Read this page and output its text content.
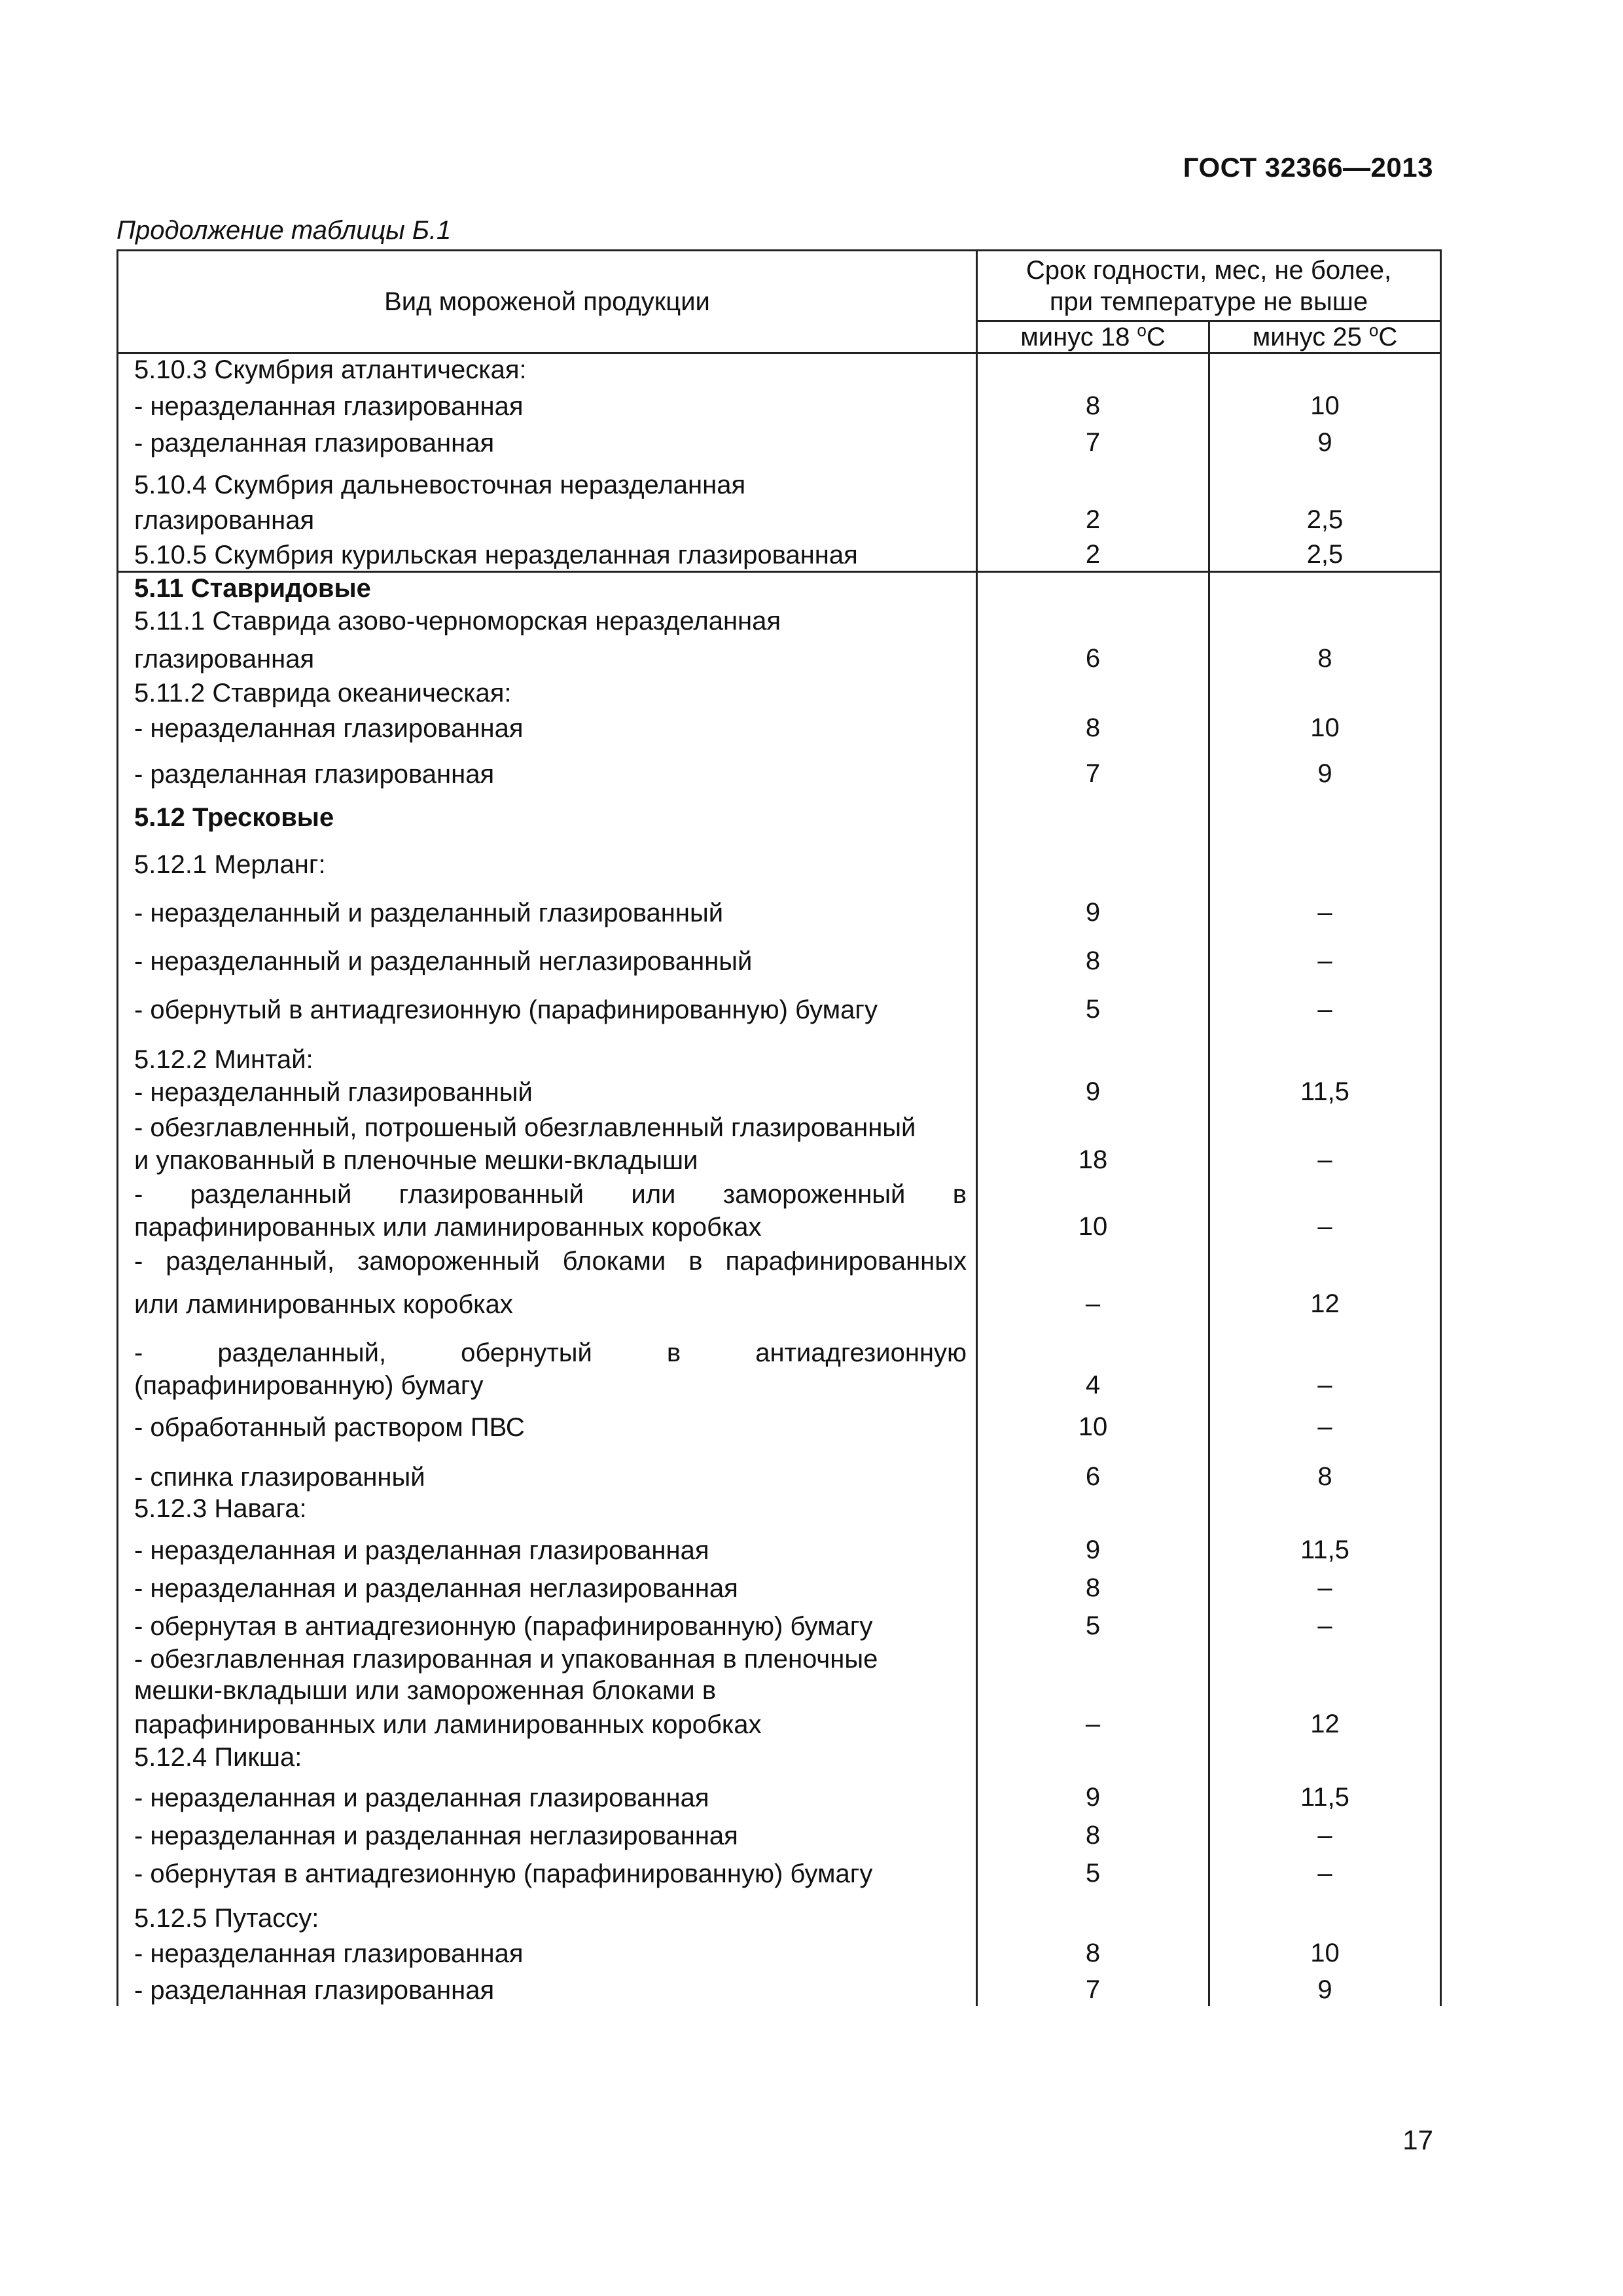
ГОСТ 32366—2013
Продолжение таблицы Б.1
Вид мороженой продукции	Срок годности, мес, не более,
при температуре не выше	
	минус 18 $^о$С	минус 25 $^о$С
5.10.3 Скумбрия атлантическая:		
- неразделанная глазированная	8	10
- разделанная глазированная	7	9
5.10.4 Скумбрия дальневосточная неразделанная		
глазированная	2	2,5
5.10.5 Скумбрия курильская неразделанная глазированная	2	2,5
5.11 Ставридовые		
5.11.1 Ставрида азово-черноморская неразделанная		
глазированная	6	8
5.11.2 Ставрида океаническая:		
- неразделанная глазированная	8	10
- разделанная глазированная	7	9
5.12 Тресковые		
5.12.1 Мерланг:		
- неразделанный и разделанный глазированный	9	–
- неразделанный и разделанный неглазированный	8	–
- обернутый в антиадгезионную (парафинированную) бумагу	5	–
5.12.2 Минтай:		
- неразделанный глазированный	9	11,5
- обезглавленный, потрошеный обезглавленный глазированный		
и упакованный в пленочные мешки-вкладыши	18	–
- разделанный глазированный или замороженный в		
парафинированных или ламинированных коробках	10	–
- разделанный, замороженный блоками в парафинированных		
или ламинированных коробках	–	12
- разделанный, обернутый в антиадгезионную		
(парафинированную) бумагу	4	–
- обработанный раствором ПВС	10	–
- спинка глазированный	6	8
5.12.3 Навага:		
- неразделанная и разделанная глазированная	9	11,5
- неразделанная и разделанная неглазированная	8	–
- обернутая в антиадгезионную (парафинированную) бумагу	5	–
- обезглавленная глазированная и упакованная в пленочные		
мешки-вкладыши или замороженная блоками в		
парафинированных или ламинированных коробках	–	12
5.12.4 Пикша:		
- неразделанная и разделанная глазированная	9	11,5
- неразделанная и разделанная неглазированная	8	–
- обернутая в антиадгезионную (парафинированную) бумагу	5	–
5.12.5 Путассу:		
- неразделанная глазированная	8	10
- разделанная глазированная	7	9
17
